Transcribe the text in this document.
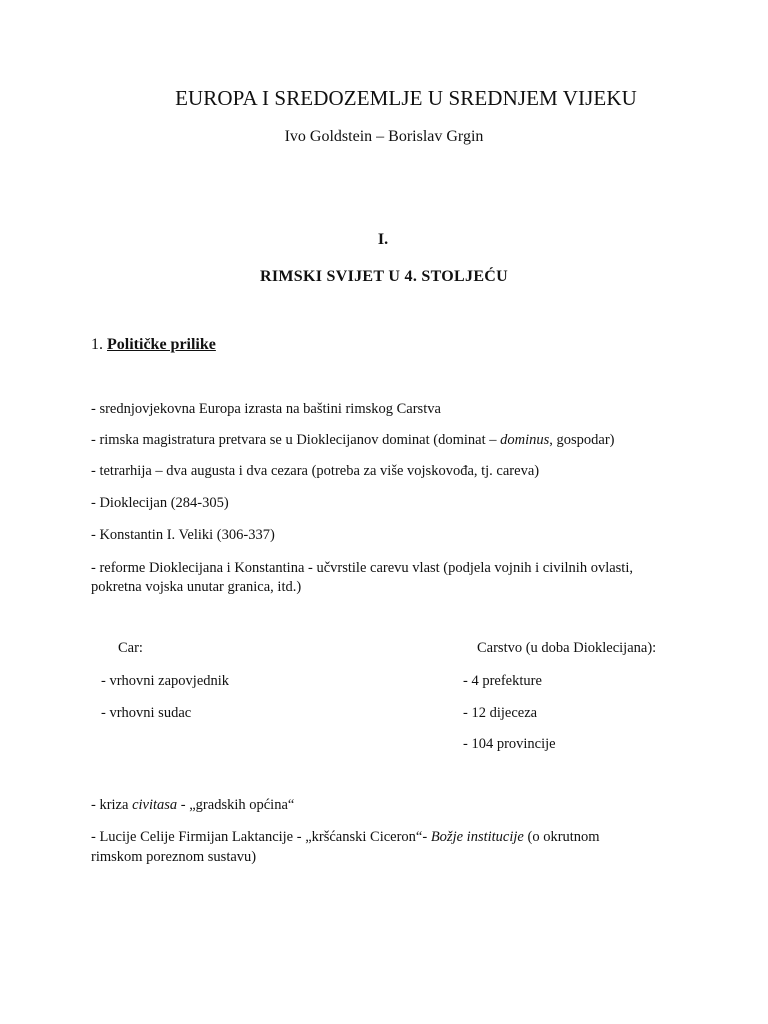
EUROPA I SREDOZEMLJE U SREDNJEM VIJEKU
Ivo Goldstein – Borislav Grgin
I.
RIMSKI SVIJET U 4. STOLJEĆU
1. Političke prilike
- srednjovjekovna Europa izrasta na baštini rimskog Carstva
- rimska magistratura pretvara se u Dioklecijanov dominat (dominat – dominus, gospodar)
- tetrarhija – dva augusta i dva cezara (potreba za više vojskovođa, tj. careva)
- Dioklecijan (284-305)
- Konstantin I. Veliki (306-337)
- reforme Dioklecijana i Konstantina - učvrstile carevu vlast (podjela vojnih i civilnih ovlasti,
pokretna vojska unutar granica, itd.)
Car:
- vrhovni zapovjednik
- vrhovni sudac
Carstvo (u doba Dioklecijana):
- 4 prefekture
- 12 dijeceza
- 104 provincije
- kriza civitasa - „gradskih općina“
- Lucije Celije Firmijan Laktancije - „kršćanski Ciceron“- Božje institucije (o okrutnom
rimskom poreznom sustavu)
